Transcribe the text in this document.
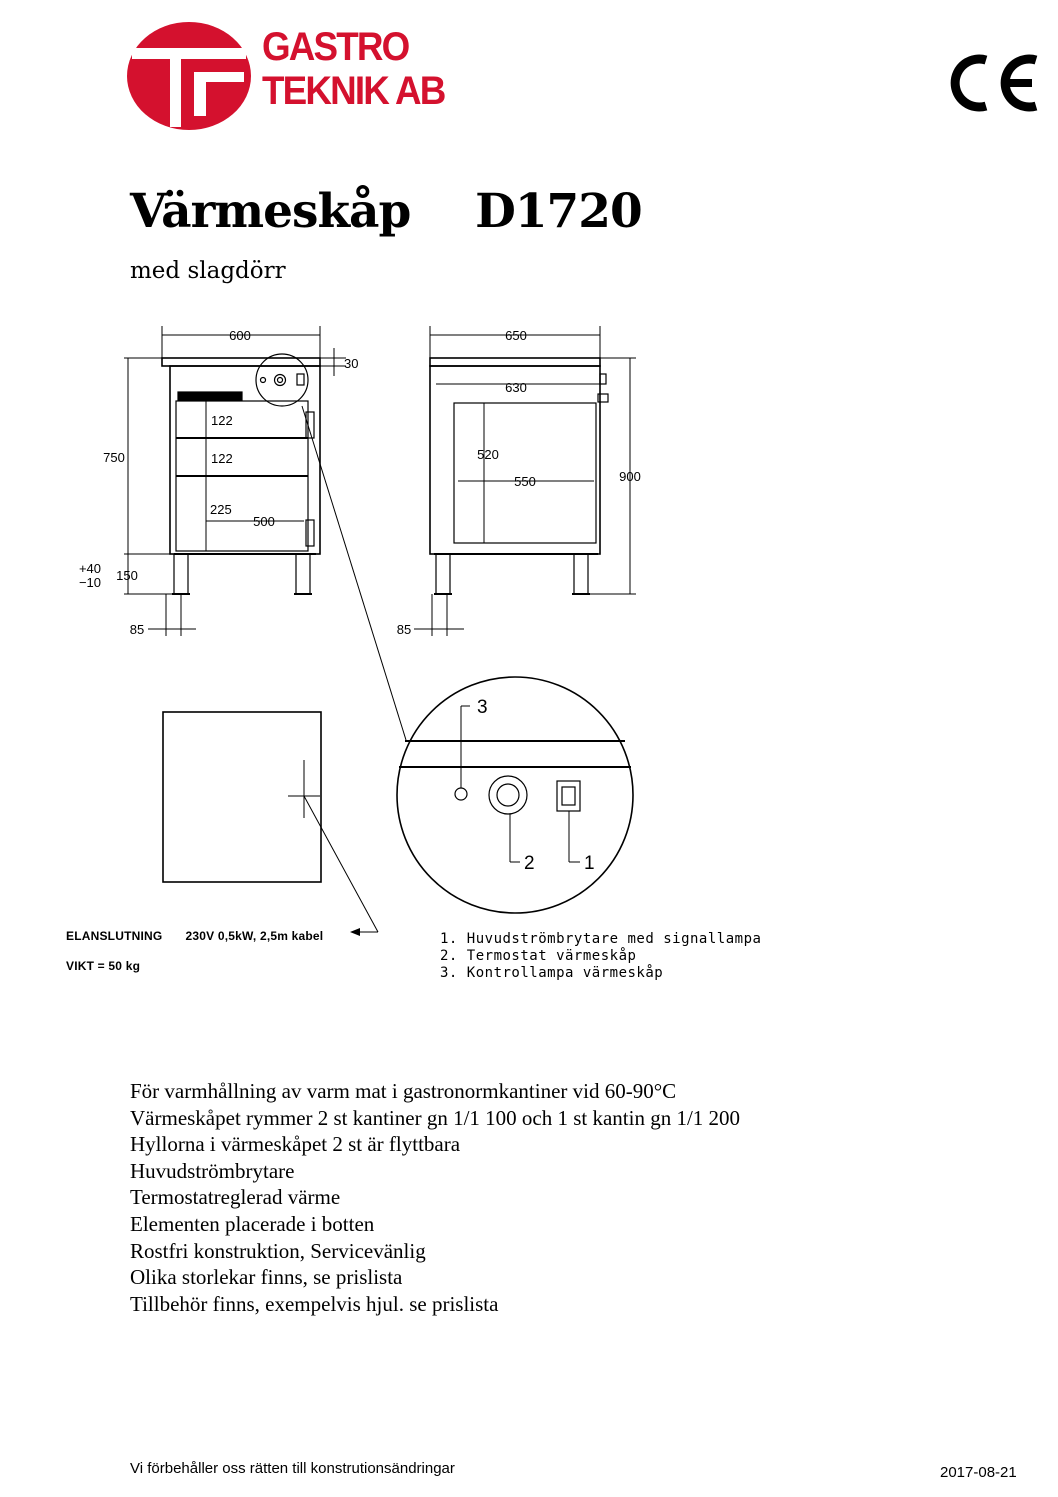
GASTRO
TEKNIK AB
Värmeskåp D1720
med slagdörr
600
30
750
122
122
225
500
+40
−10 150
85
650
630
520
550	900
85
3
2	1
ELANSLUTNING 230V 0,5kW, 2,5m kabel
VIKT = 50 kg
1. Huvudströmbrytare med signallampa
2. Termostat värmeskåp
3. Kontrollampa värmeskåp
För varmhållning av varm mat i gastronormkantiner vid 60-90°C
Värmeskåpet rymmer 2 st kantiner gn 1/1 100 och 1 st kantin gn 1/1 200
Hyllorna i värmeskåpet 2 st är flyttbara
Huvudströmbrytare
Termostatreglerad värme
Elementen placerade i botten
Rostfri konstruktion, Servicevänlig
Olika storlekar finns, se prislista
Tillbehör finns, exempelvis hjul. se prislista
Vi förbehåller oss rätten till konstrutionsändringar	2017-08-21
